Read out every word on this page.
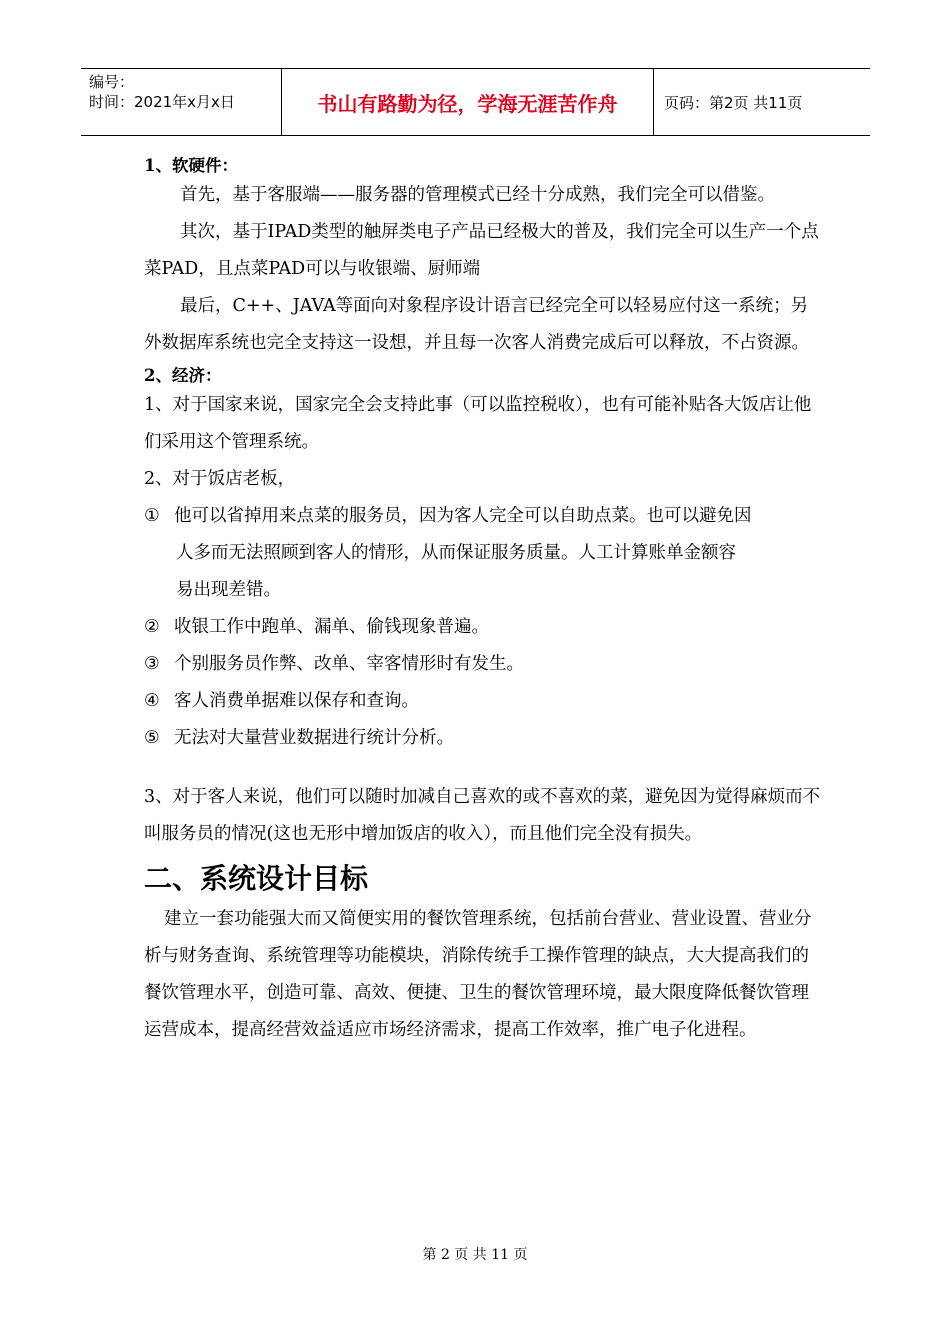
编号：
时间：2021年x月x日	书山有路勤为径，学海无涯苦作舟	页码：第2页 共11页

1、软硬件：

首先，基于客服端——服务器的管理模式已经十分成熟，我们完全可以借鉴。

其次，基于IPAD类型的触屏类电子产品已经极大的普及，我们完全可以生产一个点菜PAD，且点菜PAD可以与收银端、厨师端

最后，C++、JAVA等面向对象程序设计语言已经完全可以轻易应付这一系统；另外数据库系统也完全支持这一设想，并且每一次客人消费完成后可以释放，不占资源。

2、经济：

1、对于国家来说，国家完全会支持此事（可以监控税收），也有可能补贴各大饭店让他们采用这个管理系统。

2、对于饭店老板，

① 他可以省掉用来点菜的服务员，因为客人完全可以自助点菜。也可以避免因
人多而无法照顾到客人的情形，从而保证服务质量。人工计算账单金额容
易出现差错。
② 收银工作中跑单、漏单、偷钱现象普遍。
③ 个别服务员作弊、改单、宰客情形时有发生。
④ 客人消费单据难以保存和查询。
⑤ 无法对大量营业数据进行统计分析。

3、对于客人来说，他们可以随时加减自己喜欢的或不喜欢的菜，避免因为觉得麻烦而不叫服务员的情况(这也无形中增加饭店的收入），而且他们完全没有损失。

二、系统设计目标

建立一套功能强大而又简便实用的餐饮管理系统，包括前台营业、营业设置、营业分析与财务查询、系统管理等功能模块，消除传统手工操作管理的缺点，大大提高我们的餐饮管理水平，创造可靠、高效、便捷、卫生的餐饮管理环境，最大限度降低餐饮管理运营成本，提高经营效益适应市场经济需求，提高工作效率，推广电子化进程。

第 2 页 共 11 页
